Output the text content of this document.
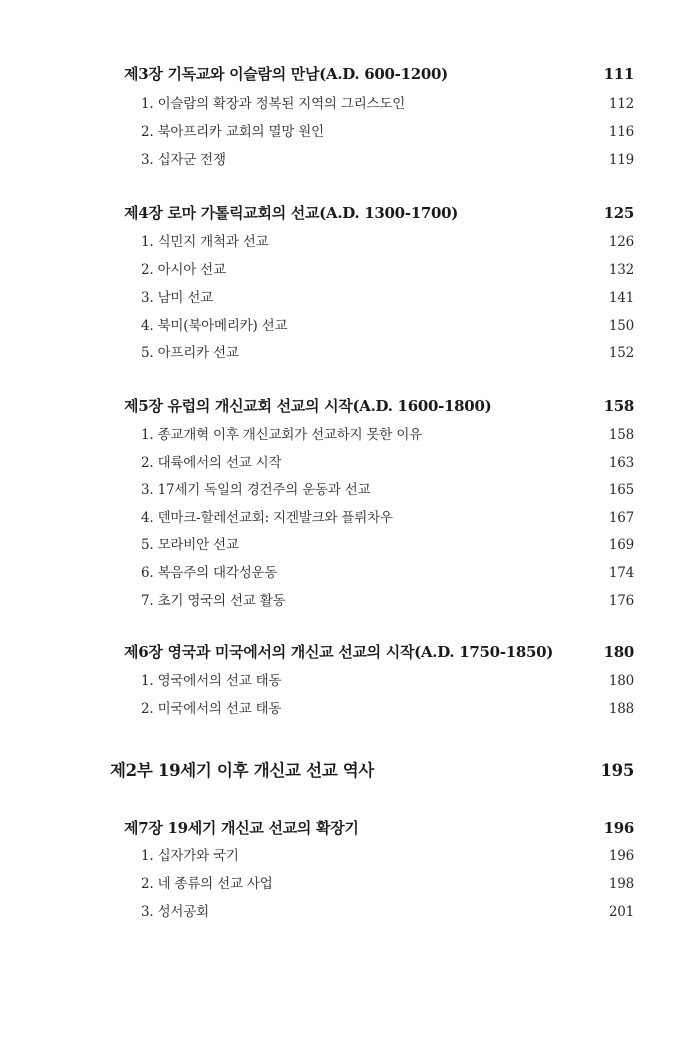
제3장 기독교와 이슬람의 만남(A.D. 600-1200)	111
1. 이슬람의 확장과 정복된 지역의 그리스도인	112
2. 북아프리카 교회의 멸망 원인	116
3. 십자군 전쟁	119
제4장 로마 가톨릭교회의 선교(A.D. 1300-1700)	125
1. 식민지 개척과 선교	126
2. 아시아 선교	132
3. 남미 선교	141
4. 북미(북아메리카) 선교	150
5. 아프리카 선교	152
제5장 유럽의 개신교회 선교의 시작(A.D. 1600-1800)	158
1. 종교개혁 이후 개신교회가 선교하지 못한 이유	158
2. 대륙에서의 선교 시작	163
3. 17세기 독일의 경건주의 운동과 선교	165
4. 덴마크-할레선교회: 지겐발크와 플뤼차우	167
5. 모라비안 선교	169
6. 복음주의 대각성운동	174
7. 초기 영국의 선교 활동	176
제6장 영국과 미국에서의 개신교 선교의 시작(A.D. 1750-1850)	180
1. 영국에서의 선교 태동	180
2. 미국에서의 선교 태동	188
제2부 19세기 이후 개신교 선교 역사	195
제7장 19세기 개신교 선교의 확장기	196
1. 십자가와 국기	196
2. 네 종류의 선교 사업	198
3. 성서공회	201
